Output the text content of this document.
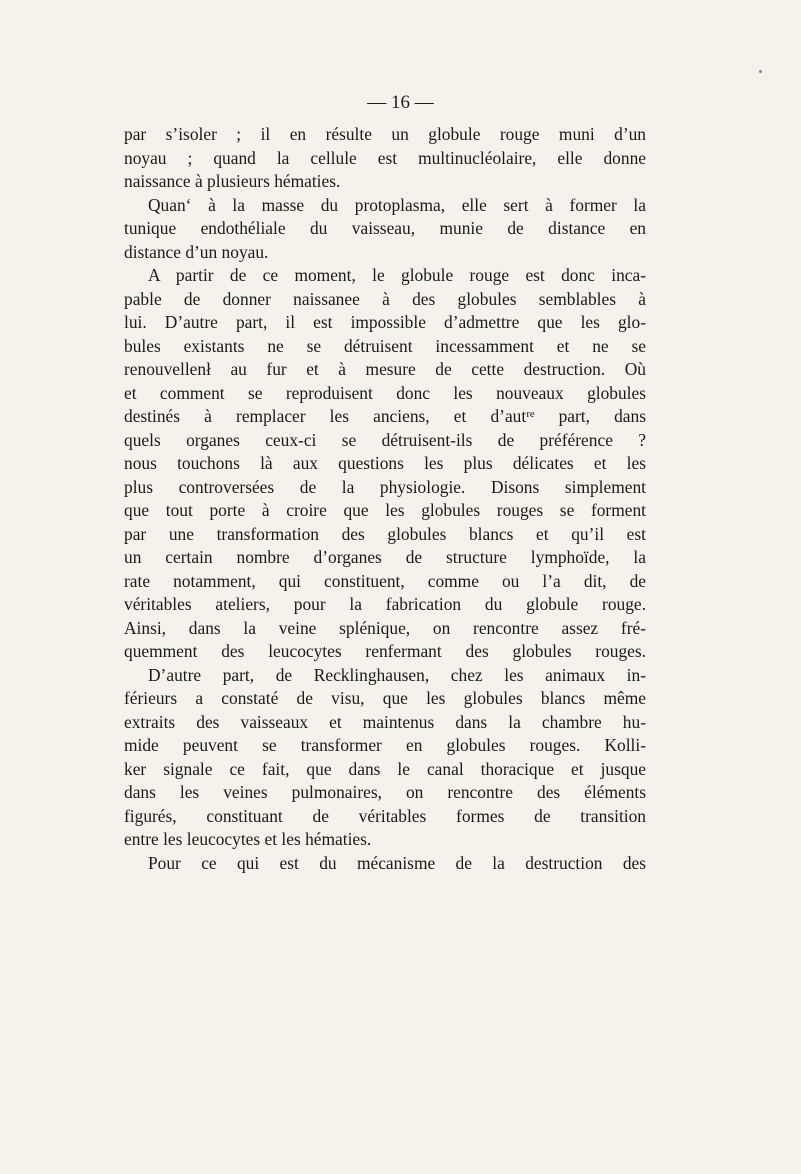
— 16 —
par s’isoler ; il en résulte un globule rouge muni d’un
noyau ; quand la cellule est multinucléolaire, elle donne
naissance à plusieurs hématies.
Quan‘ à la masse du protoplasma, elle sert à former la
tunique endothéliale du vaisseau, munie de distance en
distance d’un noyau.
A partir de ce moment, le globule rouge est donc inca-
pable de donner naissanee à des globules semblables à
lui. D’autre part, il est impossible d’admettre que les glo-
bules existants ne se détruisent incessamment et ne se
renouvellenł au fur et à mesure de cette destruction. Où
et comment se reproduisent donc les nouveaux globules
destinés à remplacer les anciens, et d’autʳᵉ part, dans
quels organes ceux-ci se détruisent-ils de préférence ?
nous touchons là aux questions les plus délicates et les
plus controversées de la physiologie. Disons simplement
que tout porte à croire que les globules rouges se forment
par une transformation des globules blancs et qu’il est
un certain nombre d’organes de structure lymphoïde, la
rate notamment, qui constituent, comme ou l’a dit, de
véritables ateliers, pour la fabrication du globule rouge.
Ainsi, dans la veine splénique, on rencontre assez fré-
quemment des leucocytes renfermant des globules rouges.
D’autre part, de Recklinghausen, chez les animaux in-
férieurs a constaté de visu, que les globules blancs même
extraits des vaisseaux et maintenus dans la chambre hu-
mide peuvent se transformer en globules rouges. Kolli-
ker signale ce fait, que dans le canal thoracique et jusque
dans les veines pulmonaires, on rencontre des éléments
figurés, constituant de véritables formes de transition
entre les leucocytes et les hématies.
Pour ce qui est du mécanisme de la destruction des
